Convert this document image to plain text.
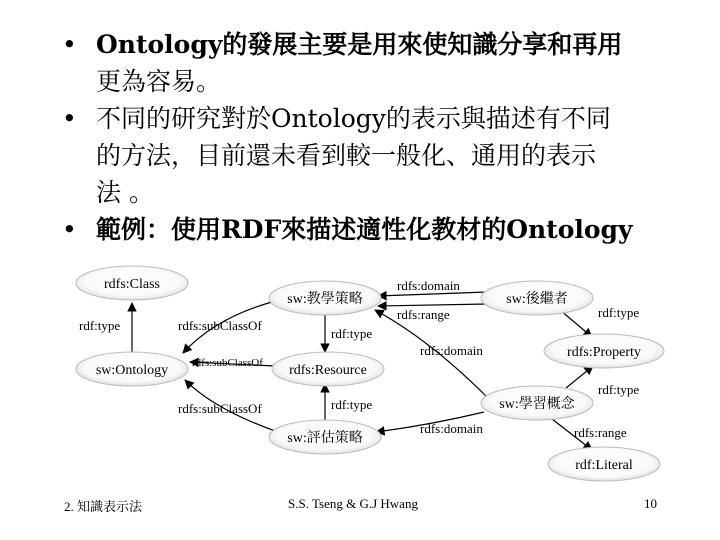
• Ontology的發展主要是用來使知識分享和再用
更為容易。
• 不同的研究對於Ontology的表示與描述有不同
的方法，目前還未看到較一般化、通用的表示
法 。
• 範例：使用RDF來描述適性化教材的Ontology
rdfs:Class
sw:教學策略	sw:後繼者
sw:Ontology	rdfs:Resource
rdfs:Property
sw:學習概念
sw:評估策略
rdf:Literal
rdf:type	rdfs:subClassOf
rdfs:subClassOf
rdfs:subClassOf
rdf:type
rdf:type
rdfs:domain
rdfs:range	rdf:type
rdfs:domain
rdf:type
rdfs:domain	rdfs:range
2. 知識表示法	S.S. Tseng & G.J Hwang	10
